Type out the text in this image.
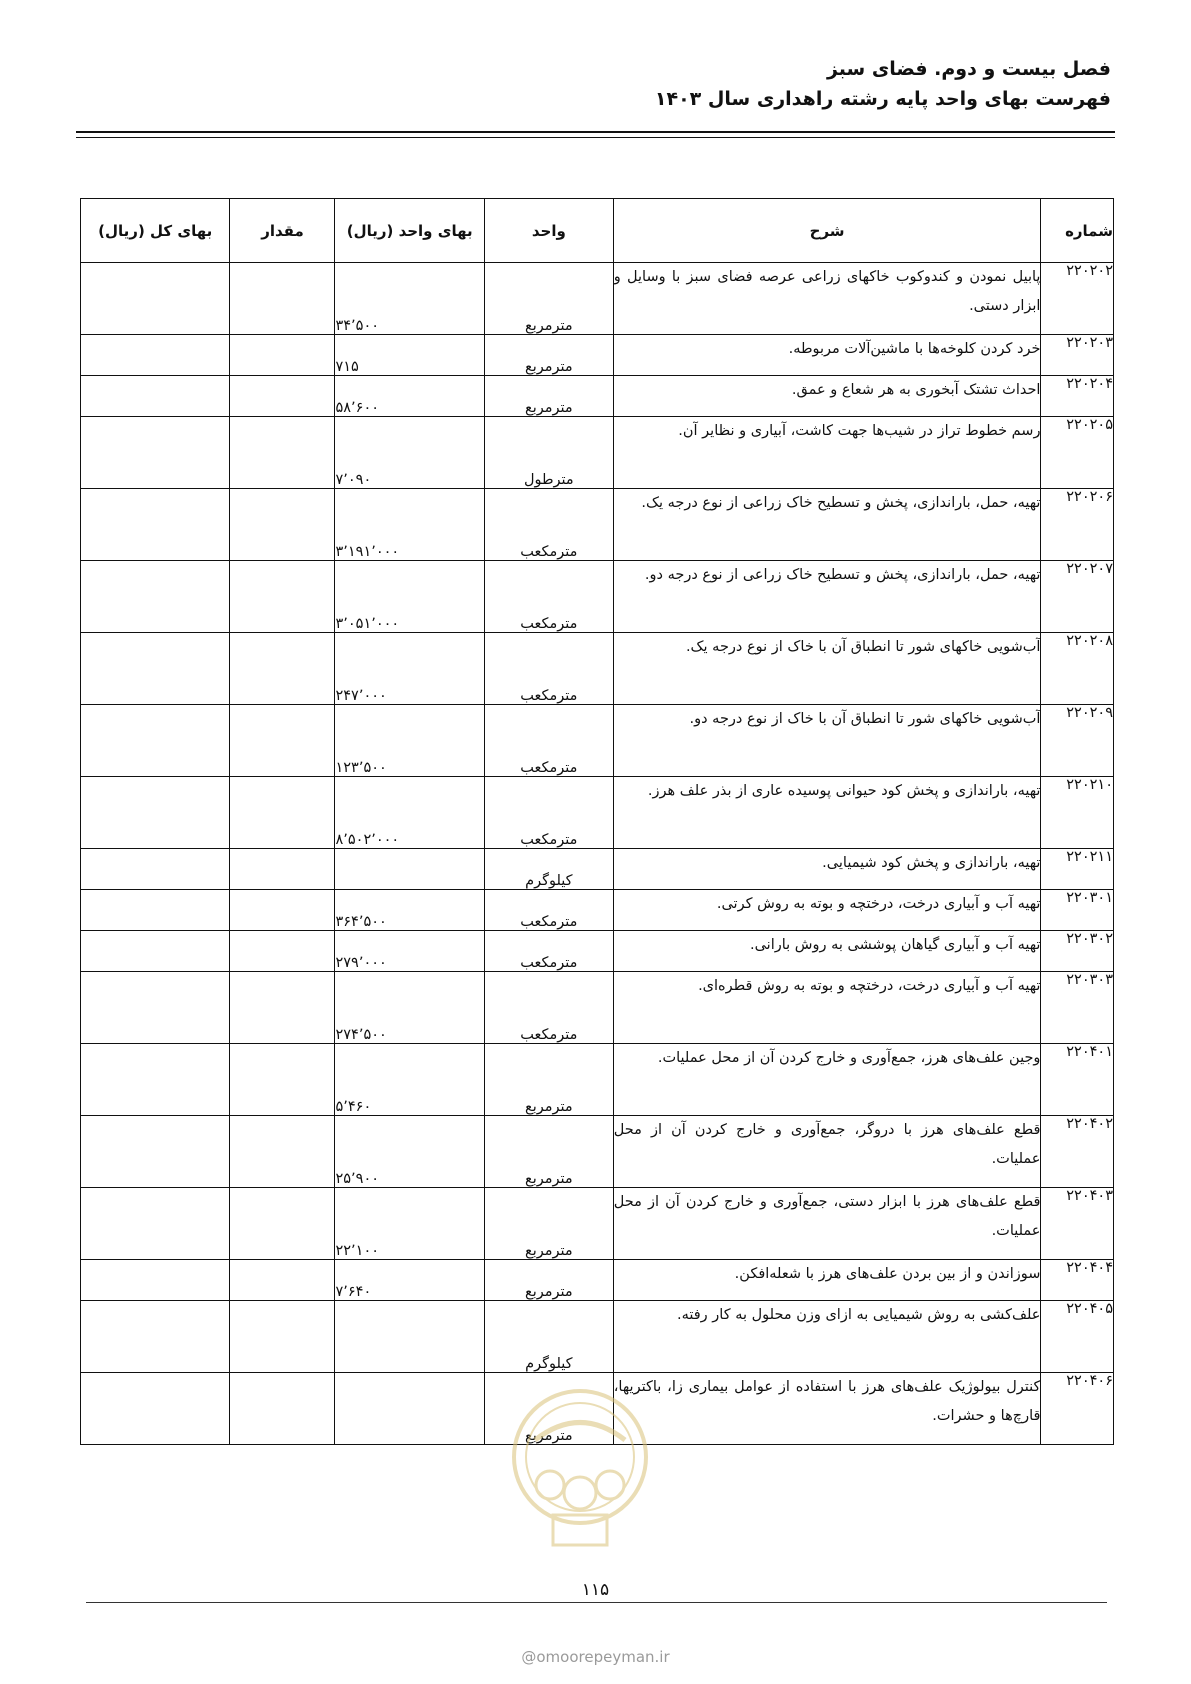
فصل بیست و دوم. فضای سبز
فهرست بهای واحد پایه رشته راهداری سال ۱۴۰۳
شماره	شرح	واحد	بهای واحد (ریال)	مقدار	بهای کل (ریال)
۲۲۰۲۰۲	پابیل نمودن و کندوکوب خاکهای زراعی عرصه فضای سبز با وسایل و ابزار دستی.	مترمربع	۳۴٬۵۰۰		
۲۲۰۲۰۳	خرد کردن کلوخه‌ها با ماشین‌آلات مربوطه.	مترمربع	۷۱۵		
۲۲۰۲۰۴	احداث تشتک آبخوری به هر شعاع و عمق.	مترمربع	۵۸٬۶۰۰		
۲۲۰۲۰۵	رسم خطوط تراز در شیب‌ها جهت کاشت، آبیاری و نظایر آن.	مترطول	۷٬۰۹۰		
۲۲۰۲۰۶	تهیه، حمل، باراندازی، پخش و تسطیح خاک زراعی از نوع درجه یک.	مترمکعب	۳٬۱۹۱٬۰۰۰		
۲۲۰۲۰۷	تهیه، حمل، باراندازی، پخش و تسطیح خاک زراعی از نوع درجه دو.	مترمکعب	۳٬۰۵۱٬۰۰۰		
۲۲۰۲۰۸	آب‌شویی خاکهای شور تا انطباق آن با خاک از نوع درجه یک.	مترمکعب	۲۴۷٬۰۰۰		
۲۲۰۲۰۹	آب‌شویی خاکهای شور تا انطباق آن با خاک از نوع درجه دو.	مترمکعب	۱۲۳٬۵۰۰		
۲۲۰۲۱۰	تهیه، باراندازی و پخش کود حیوانی پوسیده عاری از بذر علف هرز.	مترمکعب	۸٬۵۰۲٬۰۰۰		
۲۲۰۲۱۱	تهیه، باراندازی و پخش کود شیمیایی.	کیلوگرم			
۲۲۰۳۰۱	تهیه آب و آبیاری درخت، درختچه و بوته به روش کرتی.	مترمکعب	۳۶۴٬۵۰۰		
۲۲۰۳۰۲	تهیه آب و آبیاری گیاهان پوششی به روش بارانی.	مترمکعب	۲۷۹٬۰۰۰		
۲۲۰۳۰۳	تهیه آب و آبیاری درخت، درختچه و بوته به روش قطره‌ای.	مترمکعب	۲۷۴٬۵۰۰		
۲۲۰۴۰۱	وجین علف‌های هرز، جمع‌آوری و خارج کردن آن از محل عملیات.	مترمربع	۵٬۴۶۰		
۲۲۰۴۰۲	قطع علف‌های هرز با دروگر، جمع‌آوری و خارج کردن آن از محل عملیات.	مترمربع	۲۵٬۹۰۰		
۲۲۰۴۰۳	قطع علف‌های هرز با ابزار دستی، جمع‌آوری و خارج کردن آن از محل عملیات.	مترمربع	۲۲٬۱۰۰		
۲۲۰۴۰۴	سوزاندن و از بین بردن علف‌های هرز با شعله‌افکن.	مترمربع	۷٬۶۴۰		
۲۲۰۴۰۵	علف‌کشی به روش شیمیایی به ازای وزن محلول به کار رفته.	کیلوگرم			
۲۲۰۴۰۶	کنترل بیولوژیک علف‌های هرز با استفاده از عوامل بیماری زا، باکتریها، قارچ‌ها و حشرات.	مترمربع			
۱۱۵
@omoorepeyman.ir
